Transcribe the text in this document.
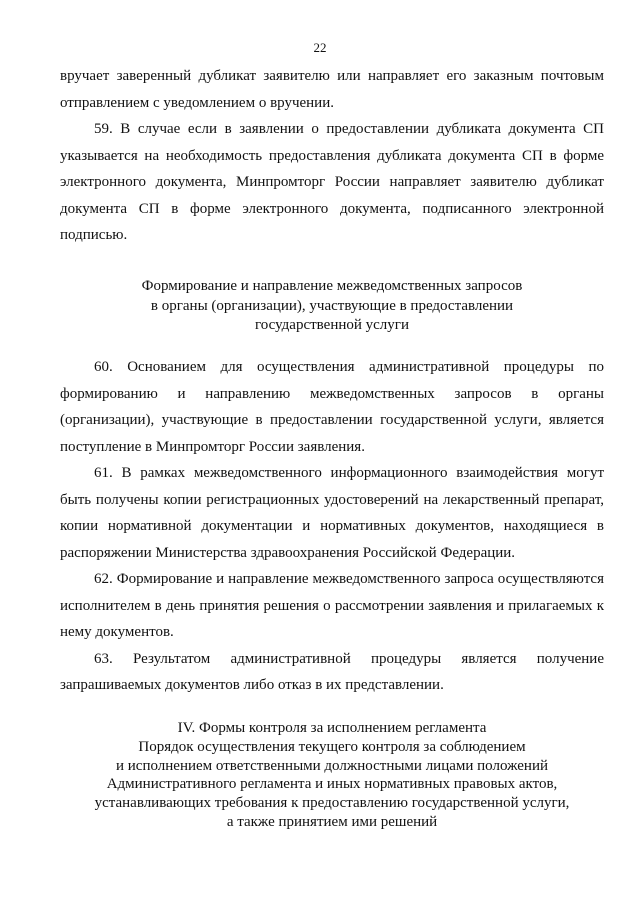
22

вручает заверенный дубликат заявителю или направляет его заказным почтовым отправлением с уведомлением о вручении.

59. В случае если в заявлении о предоставлении дубликата документа СП указывается на необходимость предоставления дубликата документа СП в форме электронного документа, Минпромторг России направляет заявителю дубликат документа СП в форме электронного документа, подписанного электронной подписью.

Формирование и направление межведомственных запросов
в органы (организации), участвующие в предоставлении
государственной услуги

60. Основанием для осуществления административной процедуры по формированию и направлению межведомственных запросов в органы (организации), участвующие в предоставлении государственной услуги, является поступление в Минпромторг России заявления.

61. В рамках межведомственного информационного взаимодействия могут быть получены копии регистрационных удостоверений на лекарственный препарат, копии нормативной документации и нормативных документов, находящиеся в распоряжении Министерства здравоохранения Российской Федерации.

62. Формирование и направление межведомственного запроса осуществляются исполнителем в день принятия решения о рассмотрении заявления и прилагаемых к нему документов.

63. Результатом административной процедуры является получение запрашиваемых документов либо отказ в их представлении.

IV. Формы контроля за исполнением регламента
Порядок осуществления текущего контроля за соблюдением
и исполнением ответственными должностными лицами положений
Административного регламента и иных нормативных правовых актов,
устанавливающих требования к предоставлению государственной услуги,
а также принятием ими решений
